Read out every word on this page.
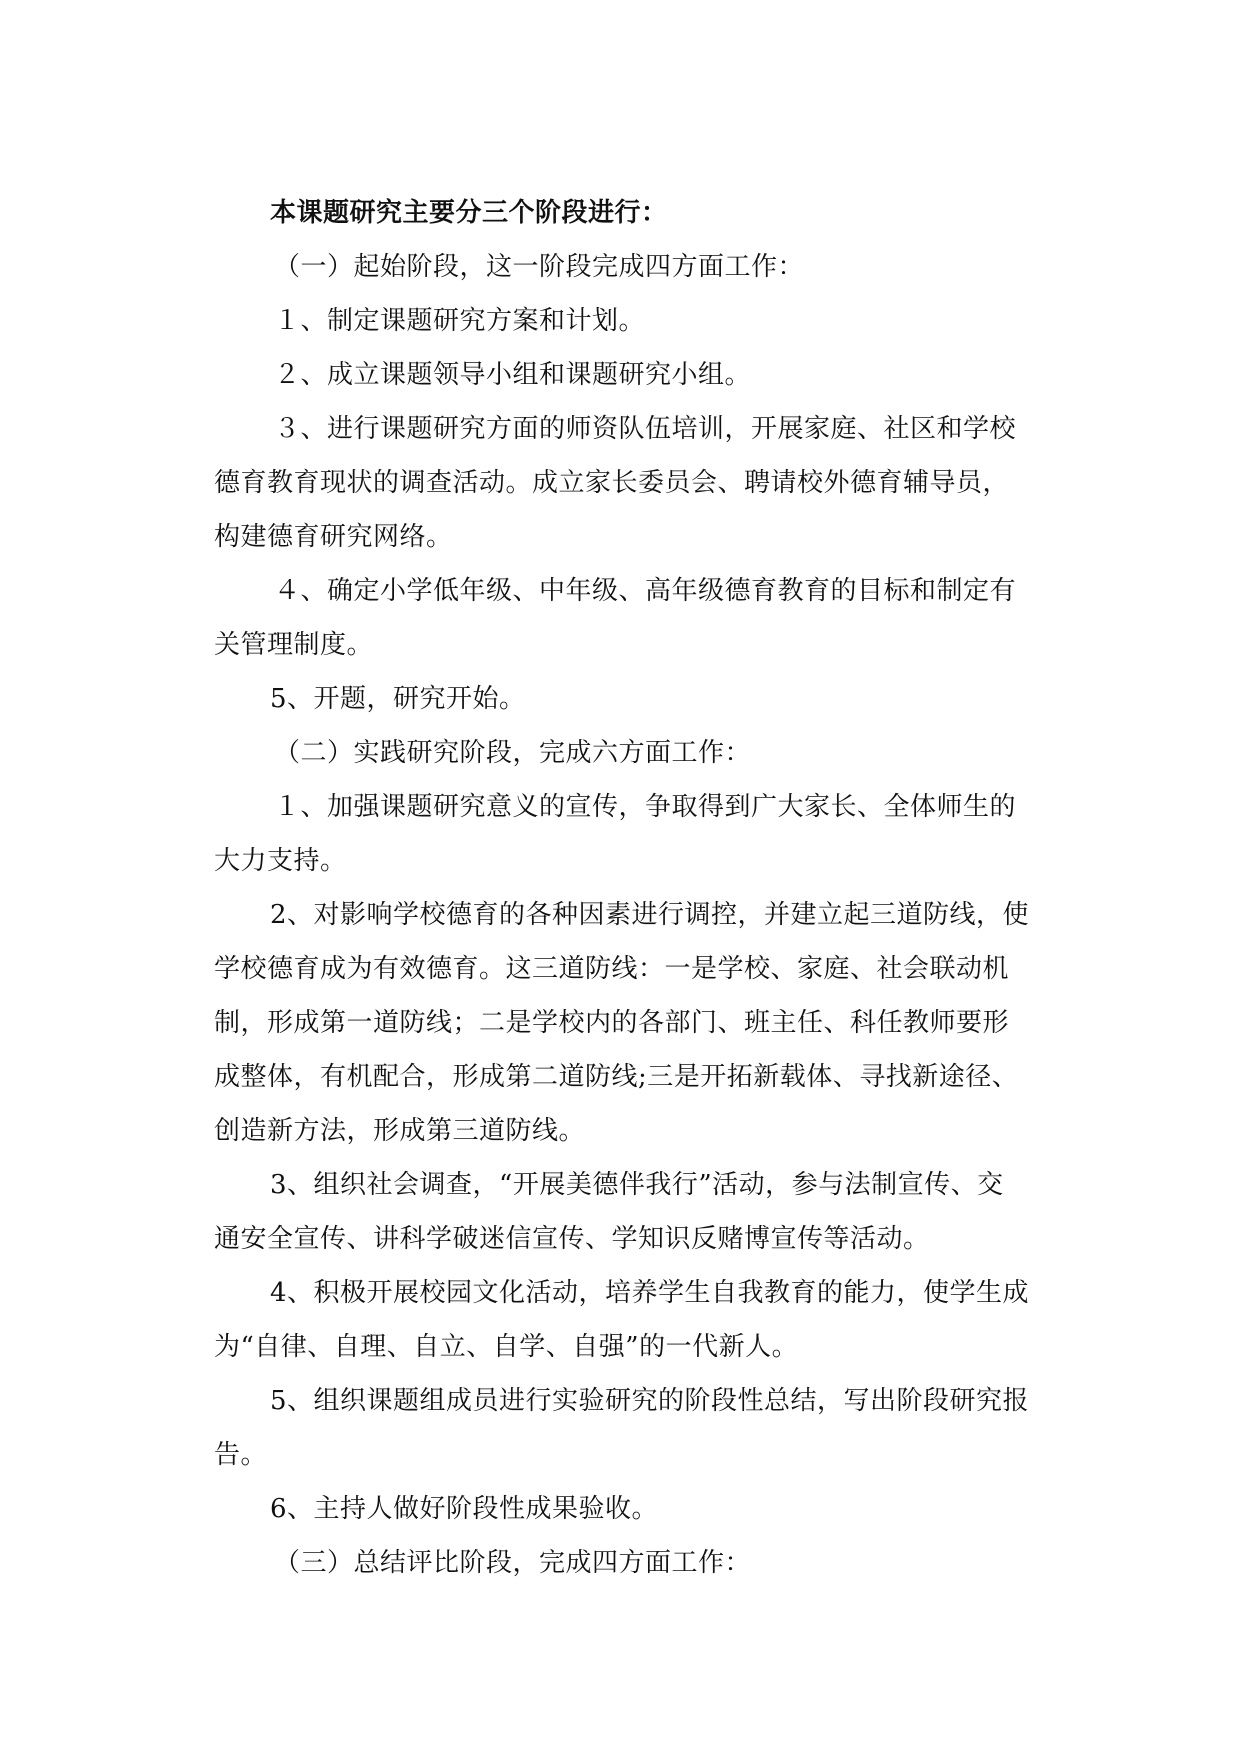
本课题研究主要分三个阶段进行：

（一）起始阶段，这一阶段完成四方面工作：

１、制定课题研究方案和计划。

２、成立课题领导小组和课题研究小组。

３、进行课题研究方面的师资队伍培训，开展家庭、社区和学校

德育教育现状的调查活动。成立家长委员会、聘请校外德育辅导员，

构建德育研究网络。

４、确定小学低年级、中年级、高年级德育教育的目标和制定有

关管理制度。

5、开题，研究开始。

（二）实践研究阶段，完成六方面工作：

１、加强课题研究意义的宣传，争取得到广大家长、全体师生的

大力支持。

2、对影响学校德育的各种因素进行调控，并建立起三道防线，使

学校德育成为有效德育。这三道防线：一是学校、家庭、社会联动机

制，形成第一道防线；二是学校内的各部门、班主任、科任教师要形

成整体，有机配合，形成第二道防线;三是开拓新载体、寻找新途径、

创造新方法，形成第三道防线。

3、组织社会调查，“开展美德伴我行”活动，参与法制宣传、交

通安全宣传、讲科学破迷信宣传、学知识反赌博宣传等活动。

4、积极开展校园文化活动，培养学生自我教育的能力，使学生成

为“自律、自理、自立、自学、自强”的一代新人。

5、组织课题组成员进行实验研究的阶段性总结，写出阶段研究报

告。

6、主持人做好阶段性成果验收。

（三）总结评比阶段，完成四方面工作：
